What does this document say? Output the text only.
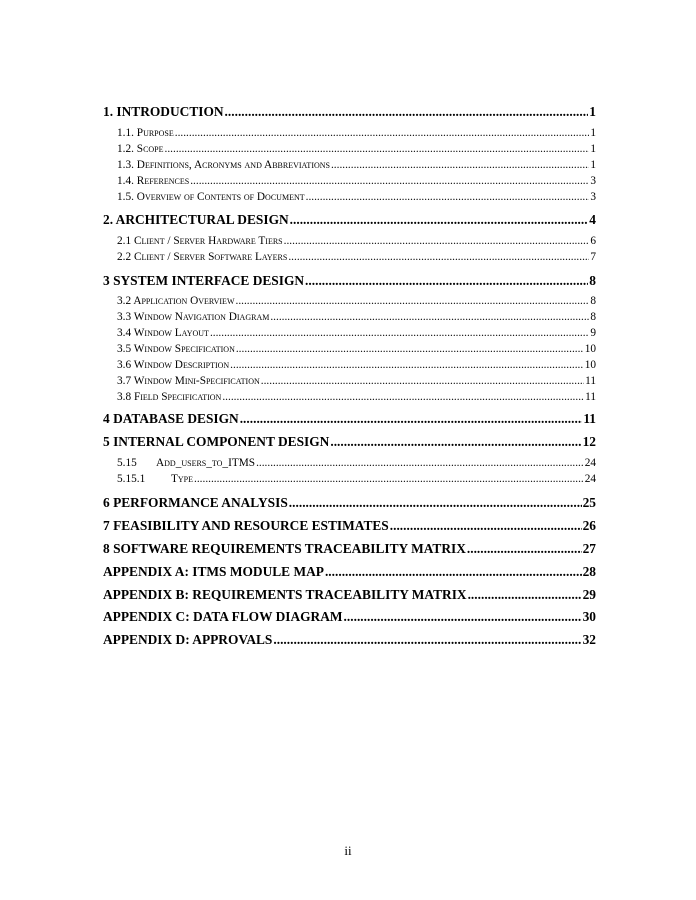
1. INTRODUCTION .....	1
1.1. Purpose .....	1
1.2. Scope .....	1
1.3. Definitions, Acronyms and Abbreviations .....	1
1.4. References .....	3
1.5. Overview of Contents of Document .....	3
2. ARCHITECTURAL DESIGN .....	4
2.1 Client / Server Hardware Tiers .....	6
2.2 Client / Server Software Layers .....	7
3 SYSTEM INTERFACE DESIGN .....	8
3.2 Application Overview .....	8
3.3 Window Navigation Diagram .....	8
3.4 Window Layout .....	9
3.5 Window Specification .....	10
3.6 Window Description .....	10
3.7 Window Mini-Specification .....	11
3.8 Field Specification .....	11
4 DATABASE DESIGN .....	11
5 INTERNAL COMPONENT DESIGN .....	12
5.15 Add_users_to_ITMS .....	24
5.15.1 Type .....	24
6 PERFORMANCE ANALYSIS .....	25
7 FEASIBILITY AND RESOURCE ESTIMATES .....	26
8 SOFTWARE REQUIREMENTS TRACEABILITY MATRIX .....	27
APPENDIX A: ITMS MODULE MAP .....	28
APPENDIX B: REQUIREMENTS TRACEABILITY MATRIX .....	29
APPENDIX C: DATA FLOW DIAGRAM .....	30
APPENDIX D: APPROVALS .....	32
ii
